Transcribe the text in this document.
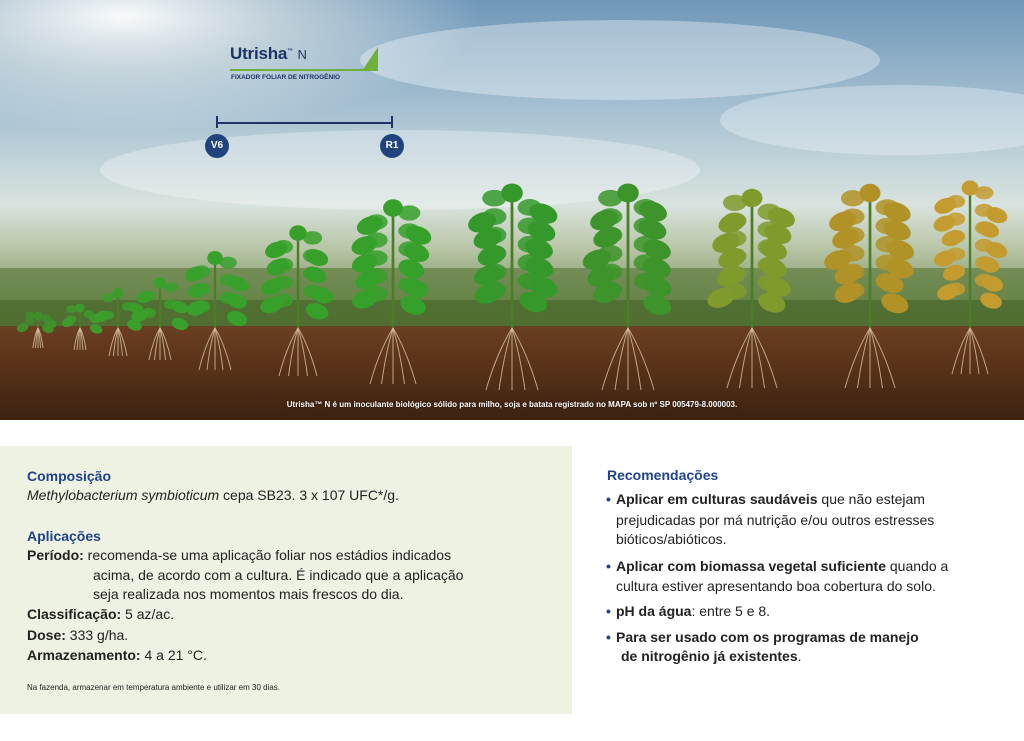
Utrisha™ N
FIXADOR FOLIAR DE NITROGÊNIO
V6	R1
Utrisha™ N é um inoculante biológico sólido para milho, soja e batata registrado no MAPA sob nº SP 005479-8.000003.
Composição
Methylobacterium symbioticum cepa SB23. 3 x 107 UFC*/g.
Aplicações
Período: recomenda-se uma aplicação foliar nos estádios indicados
acima, de acordo com a cultura. É indicado que a aplicação
seja realizada nos momentos mais frescos do dia.
Classificação: 5 az/ac.
Dose: 333 g/ha.
Armazenamento: 4 a 21 °C.
Na fazenda, armazenar em temperatura ambiente e utilizar em 30 dias.
Recomendações
• Aplicar em culturas saudáveis que não estejam
prejudicadas por má nutrição e/ou outros estresses
bióticos/abióticos.
• Aplicar com biomassa vegetal suficiente quando a
cultura estiver apresentando boa cobertura do solo.
• pH da água: entre 5 e 8.
• Para ser usado com os programas de manejo
de nitrogênio já existentes.
